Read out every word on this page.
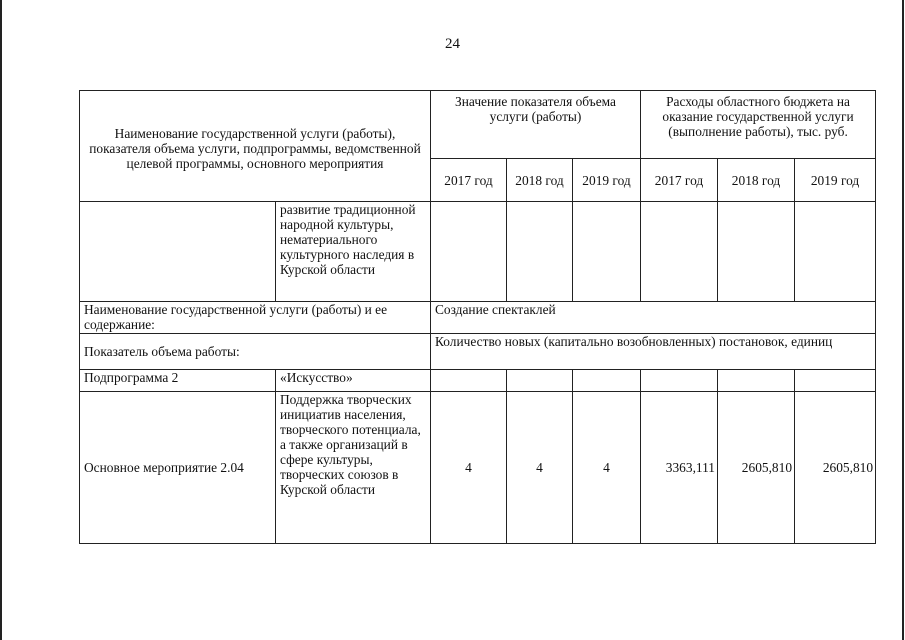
24
Наименование государственной услуги (работы), показателя объема услуги, подпрограммы, ведомственной целевой программы, основного мероприятия		Значение показателя объема услуги (работы)			Расходы областного бюджета на оказание государственной услуги (выполнение работы), тыс. руб.		
		2017 год	2018 год	2019 год	2017 год	2018 год	2019 год
	развитие традиционной народной культуры, нематериального культурного наследия в Курской области						
Наименование государственной услуги (работы) и ее содержание:		Создание спектаклей					
Показатель объема работы:		Количество новых (капитально возобновленных) постановок, единиц					
Подпрограмма 2	«Искусство»						
Основное мероприятие 2.04	Поддержка творческих инициатив населения, творческого потенциала, а также организаций в сфере культуры, творческих союзов в Курской области	4	4	4	3363,111	2605,810	2605,810
